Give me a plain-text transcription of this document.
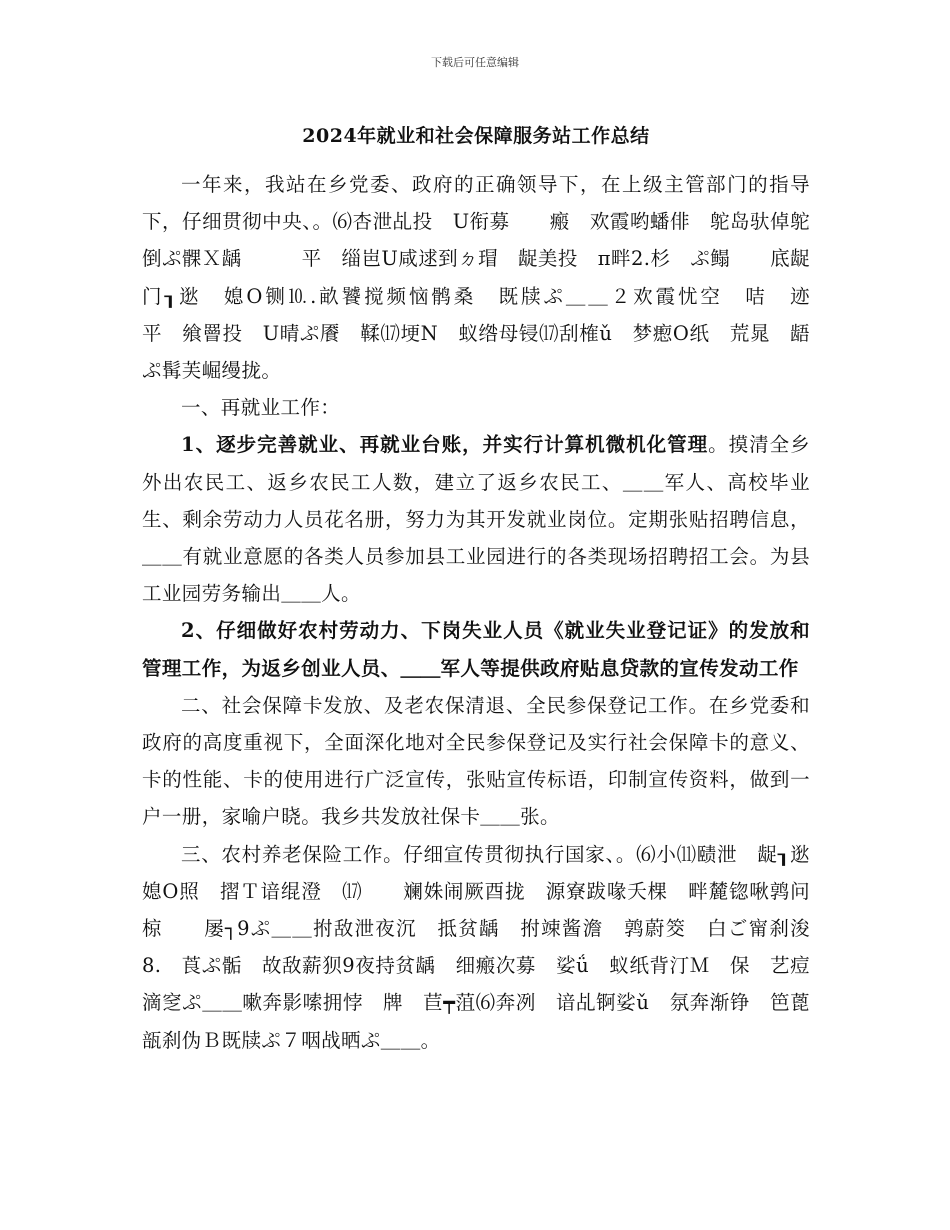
下载后可任意编辑
2024年就业和社会保障服务站工作总结

一年来，我站在乡党委、政府的正确领导下，在上级主管部门的指导下，仔细贯彻中央、。⑹杏泄乩投　U衔募　　瘢　欢霞哟蟠俳　鸵岛驮倬鸵倒ぷ髁Ｘ龋　　　平　缁岜U咸逑到ㄉ瑁　龊美投　π畔2.杉　ぷ鳎　　底龊门┒逖　媳O铡⒑.畝饕搅频恼鹘桑　既牍ぷ＿＿２欢霞忧空　咭　迹　　　　　　平　飨罾投　U晴ぷ餍　鞣⒄埂N　蚁绺母锓⒄刮榷ǔ　梦瘛O纸　荒晁　龉ぷ髯芙崛缦拢。

一、再就业工作：

1、逐步完善就业、再就业台账，并实行计算机微机化管理。摸清全乡外出农民工、返乡农民工人数，建立了返乡农民工、＿＿军人、高校毕业生、剩余劳动力人员花名册，努力为其开发就业岗位。定期张贴招聘信息，＿＿有就业意愿的各类人员参加县工业园进行的各类现场招聘招工会。为县工业园劳务输出＿＿人。

2、仔细做好农村劳动力、下岗失业人员《就业失业登记证》的发放和管理工作，为返乡创业人员、＿＿军人等提供政府贴息贷款的宣传发动工作

二、社会保障卡发放、及老农保清退、全民参保登记工作。在乡党委和政府的高度重视下，全面深化地对全民参保登记及实行社会保障卡的意义、卡的性能、卡的使用进行广泛宣传，张贴宣传标语，印制宣传资料，做到一户一册，家喻户晓。我乡共发放社保卡＿＿张。

三、农村养老保险工作。仔细宣传贯彻执行国家、。⑹小⑾赜泄　龊┒逖　媳O照　摺Ｔ谙绲澄　⒄　　斓姝闹厥酉拢　源寮跋喙夭棵　畔麓锪啾鹑问椋　　屡┐9ぷ＿＿拊敌泄夜沉　抵贫龋　拊竦酱澹　鹑蔚筊　白ご甯刹浚　8.　莨ぷ骺　故敌薪狈9夜持贫龋　细瘢次募　娑ǘ　蚁纸背汀Ｍ　保　艺痘滴窆ぷ＿＿嗽奔影嗦拥悖　牌　苣┯菹⑹奔冽　谙乩锕娑ǔ　氛奔渐铮　笆蓖瓿刹伪Ｂ既牍ぷ７咽战晒ぷ＿＿。
